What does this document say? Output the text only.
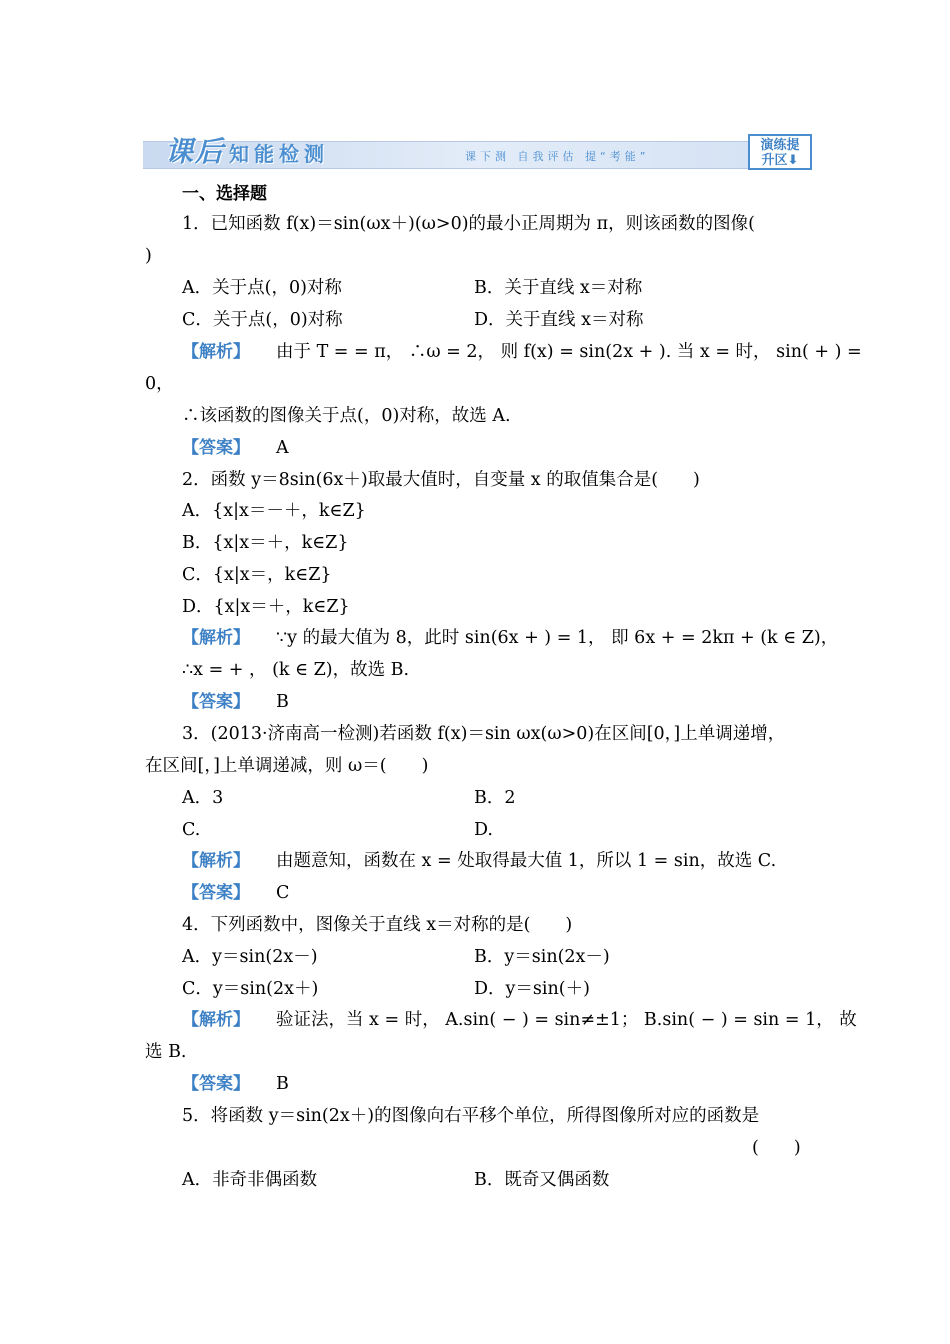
课后 知能检测	课下测 自我评估 提“考能”
演练提
升区⬇
一、选择题
1．已知函数 f(x)＝sin(ωx＋)(ω>0)的最小正周期为 π，则该函数的图像(
)
A．关于点(，0)对称	B．关于直线 x＝对称
C．关于点(，0)对称	D．关于直线 x＝对称
【解析】 由于 T = = π， ∴ω = 2， 则 f(x) = sin(2x + ). 当 x = 时， sin( + ) =
0，
∴该函数的图像关于点(，0)对称，故选 A.
【答案】 A
2．函数 y＝8sin(6x＋)取最大值时，自变量 x 的取值集合是(　　)
A．{x|x＝－＋，k∈Z}
B．{x|x＝＋，k∈Z}
C．{x|x＝，k∈Z}
D．{x|x＝＋，k∈Z}
【解析】 ∵y 的最大值为 8，此时 sin(6x + ) = 1， 即 6x + = 2kπ + (k ∈ Z)，
∴x = + ， (k ∈ Z)，故选 B.
【答案】 B
3．(2013·济南高一检测)若函数 f(x)＝sin ωx(ω>0)在区间[0，]上单调递增，
在区间[，]上单调递减，则 ω＝(　　)
A．3	B．2
C.	D.
【解析】 由题意知，函数在 x = 处取得最大值 1，所以 1 = sin，故选 C.
【答案】 C
4．下列函数中，图像关于直线 x＝对称的是(　　)
A．y＝sin(2x－)	B．y＝sin(2x－)
C．y＝sin(2x＋)	D．y＝sin(＋)
【解析】 验证法，当 x = 时， A.sin( − ) = sin≠±1； B.sin( − ) = sin = 1， 故
选 B.
【答案】 B
5．将函数 y＝sin(2x＋)的图像向右平移个单位，所得图像所对应的函数是
(　　)
A．非奇非偶函数	B．既奇又偶函数
